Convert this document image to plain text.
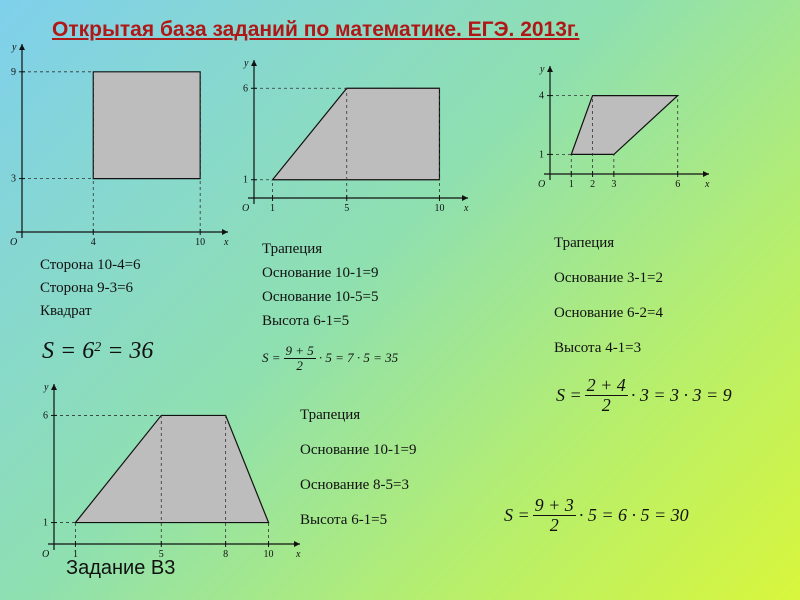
Открытая база заданий по математике. ЕГЭ. 2013г.
4	10
3
9
x
y
O
1	5	10
1
6
x
y
O
1 2 3	6
1
4
x
y
O
1	5	8	10
1
6
x
y
O
Сторона 10-4=6
Сторона 9-3=6
Квадрат
$S = 6^2 = 36$
Трапеция
Основание 10-1=9
Основание 10-5=5
Высота 6-1=5
$S = \frac{9 + 5}{2} \cdot 5 = 7 \cdot 5 = 35$
Трапеция
Основание 3-1=2
Основание 6-2=4
Высота 4-1=3
$S = \frac{2 + 4}{2} \cdot 3 = 3 \cdot 3 = 9$
Трапеция
Основание 10-1=9
Основание 8-5=3
Высота 6-1=5	$S = \frac{9 + 3}{2} \cdot 5 = 6 \cdot 5 = 30$
Задание В3
